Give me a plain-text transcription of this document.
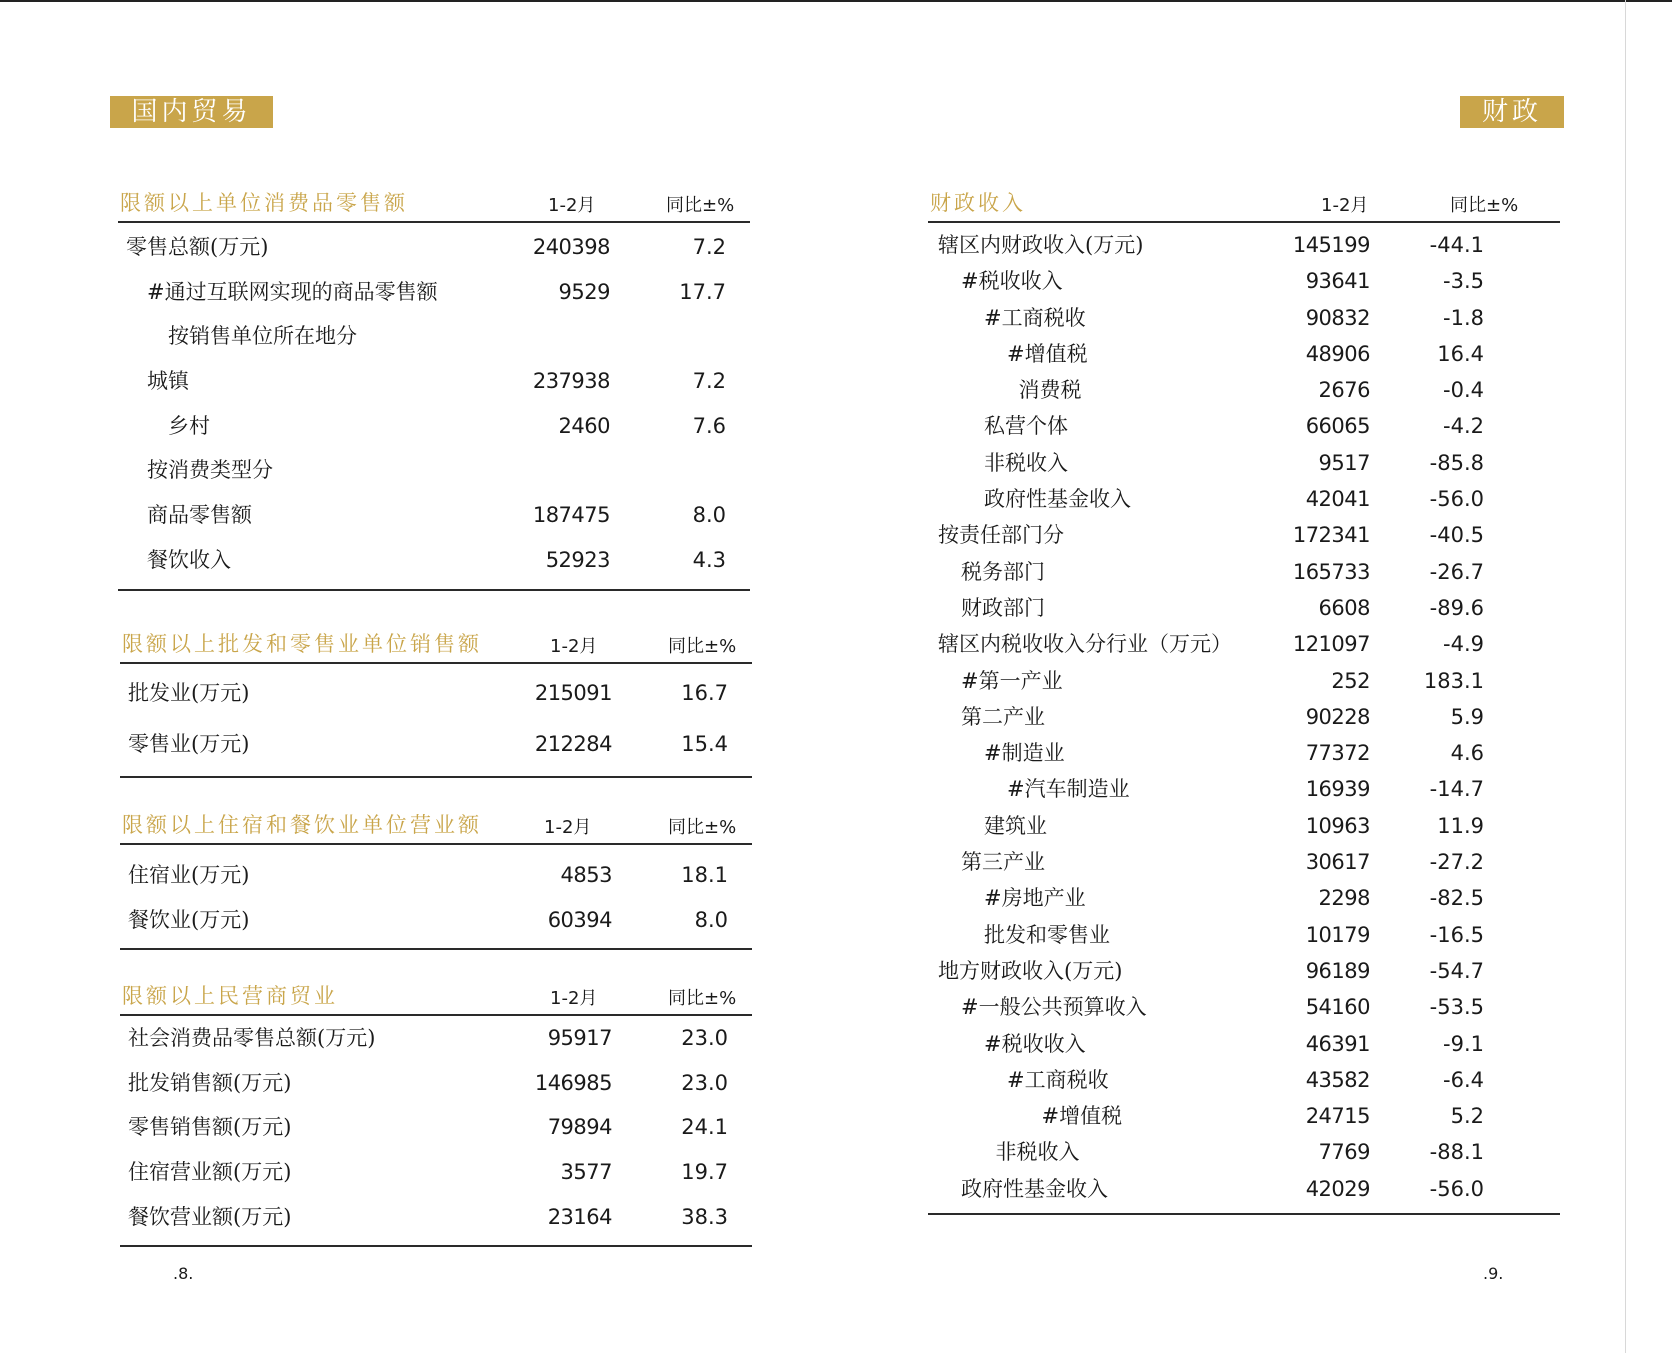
国内贸易	财政
限额以上单位消费品零售额	1-2月	同比±%
零售总额(万元)	240398	7.2
#通过互联网实现的商品零售额	9529	17.7
按销售单位所在地分
城镇	237938	7.2
乡村	2460	7.6
按消费类型分
商品零售额	187475	8.0
餐饮收入	52923	4.3
限额以上批发和零售业单位销售额	1-2月	同比±%
批发业(万元)	215091	16.7
零售业(万元)	212284	15.4
限额以上住宿和餐饮业单位营业额	1-2月	同比±%
住宿业(万元)	4853	18.1
餐饮业(万元)	60394	8.0
限额以上民营商贸业	1-2月	同比±%
社会消费品零售总额(万元)	95917	23.0
批发销售额(万元)	146985	23.0
零售销售额(万元)	79894	24.1
住宿营业额(万元)	3577	19.7
餐饮营业额(万元)	23164	38.3
.8.
财政收入	1-2月	同比±%
辖区内财政收入(万元)	145199	-44.1
#税收收入	93641	-3.5
#工商税收	90832	-1.8
#增值税	48906	16.4
消费税	2676	-0.4
私营个体	66065	-4.2
非税收入	9517	-85.8
政府性基金收入	42041	-56.0
按责任部门分	172341	-40.5
税务部门	165733	-26.7
财政部门	6608	-89.6
辖区内税收收入分行业（万元）	121097	-4.9
#第一产业	252	183.1
第二产业	90228	5.9
#制造业	77372	4.6
#汽车制造业	16939	-14.7
建筑业	10963	11.9
第三产业	30617	-27.2
#房地产业	2298	-82.5
批发和零售业	10179	-16.5
地方财政收入(万元)	96189	-54.7
#一般公共预算收入	54160	-53.5
#税收收入	46391	-9.1
#工商税收	43582	-6.4
#增值税	24715	5.2
非税收入	7769	-88.1
政府性基金收入	42029	-56.0
.9.
